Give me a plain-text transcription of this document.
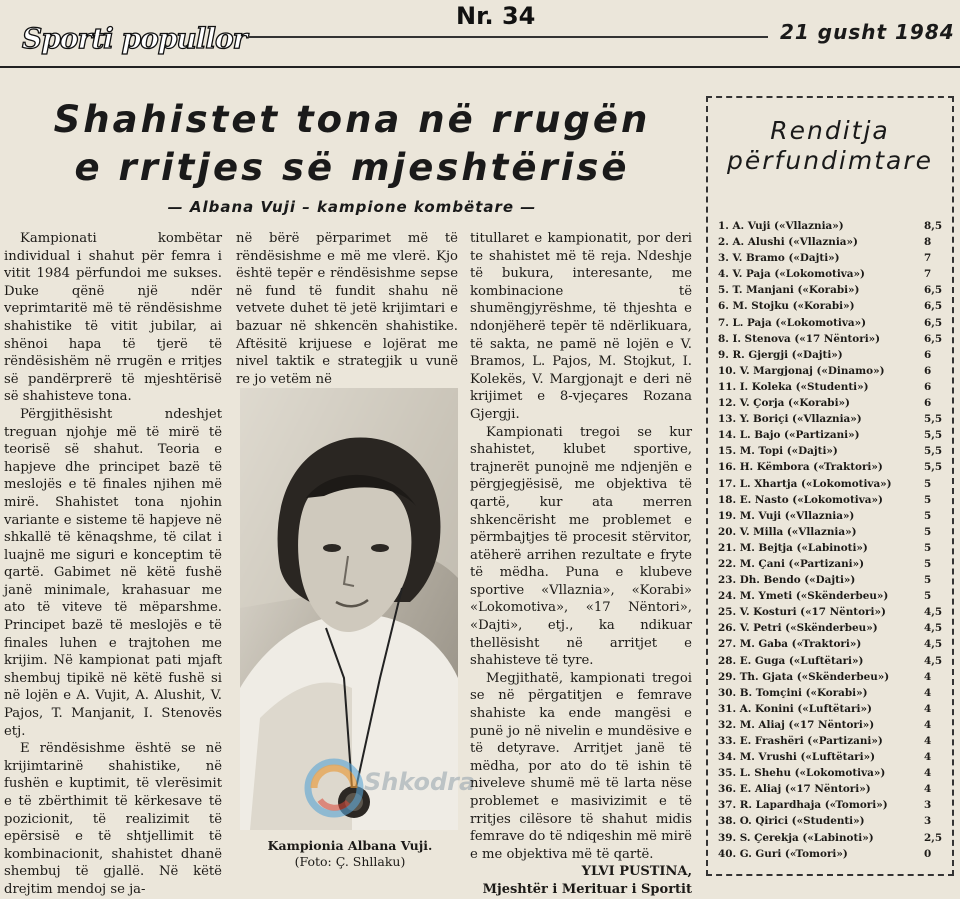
Sporti popullor
Nr. 34
21 gusht 1984
Shahistet tona në rrugën e rritjes së mjeshtërisë
— Albana Vuji – kampione kombëtare —

Kampionati kombëtar individual i shahut për femra i vitit 1984 përfundoi me sukses. Duke qënë një ndër veprimtaritë më të rëndësishme shahistike të vitit jubilar, ai shënoi hapa të tjerë të rëndësishëm në rrugën e rritjes së pandërprerë të mjeshtërisë së shahisteve tona.

Përgjithësisht ndeshjet treguan njohje më të mirë të teorisë së shahut. Teoria e hapjeve dhe principet bazë të meslojës e të finales njihen më mirë. Shahistet tona njohin variante e sisteme të hapjeve në shkallë të kënaqshme, të cilat i luajnë me siguri e konceptim të qartë. Gabimet në këtë fushë janë minimale, krahasuar me ato të viteve të mëparshme. Principet bazë të meslojës e të finales luhen e trajtohen me krijim. Në kampionat pati mjaft shembuj tipikë në këtë fushë si në lojën e A. Vujit, A. Alushit, V. Pajos, T. Manjanit, I. Stenovës etj.

E rëndësishme është se në krijimtarinë shahistike, në fushën e kuptimit, të vlerësimit e të zbërthimit të kërkesave të pozicionit, të realizimit të epërsisë e të shtjellimit të kombinacionit, shahistet dhanë shembuj të gjallë. Në këtë drejtim mendoj se ja-

në bërë përparimet më të rëndësishme e më me vlerë. Kjo është tepër e rëndësishme sepse në fund të fundit shahu në vetvete duhet të jetë krijimtari e bazuar në shkencën shahistike. Aftësitë krijuese e lojërat me nivel taktik e strategjik u vunë re jo vetëm në

Kampionia Albana Vuji.
(Foto: Ç. Shllaku)
Shkodra

titullaret e kampionatit, por deri te shahistet më të reja. Ndeshje të bukura, interesante, me kombinacione të shumëngjyrëshme, të thjeshta e ndonjëherë tepër të ndërlikuara, të sakta, ne pamë në lojën e V. Bramos, L. Pajos, M. Stojkut, I. Kolekës, V. Margjonajt e deri në krijimet e 8-vjeçares Rozana Gjergji.

Kampionati tregoi se kur shahistet, klubet sportive, trajnerët punojnë me ndjenjën e përgjegjësisë, me objektiva të qartë, kur ata merren shkencërisht me problemet e përmbajtjes të procesit stërvitor, atëherë arrihen rezultate e fryte të mëdha. Puna e klubeve sportive «Vllaznia», «Korabi» «Lokomotiva», «17 Nëntori», «Dajti», etj., ka ndikuar thellësisht në arritjet e shahisteve të tyre.

Megjithatë, kampionati tregoi se në përgatitjen e femrave shahiste ka ende mangësi e punë jo në nivelin e mundësive e të detyrave. Arritjet janë të mëdha, por ato do të ishin të niveleve shumë më të larta nëse problemet e masivizimit e të rritjes cilësore të shahut midis femrave do të ndiqeshin më mirë e me objektiva më të qartë.

YLVI PUSTINA,

Mjeshtër i Merituar i Sportit

Renditja
përfundimtare
1. A. Vuji («Vllaznia»)	8,5
2. A. Alushi («Vllaznia»)	8
3. V. Bramo («Dajti»)	7
4. V. Paja («Lokomotiva»)	7
5. T. Manjani («Korabi»)	6,5
6. M. Stojku («Korabi»)	6,5
7. L. Paja («Lokomotiva»)	6,5
8. I. Stenova («17 Nëntori»)	6,5
9. R. Gjergji («Dajti»)	6
10. V. Margjonaj («Dinamo»)	6
11. I. Koleka («Studenti»)	6
12. V. Çorja («Korabi»)	6
13. Y. Boriçi («Vllaznia»)	5,5
14. L. Bajo («Partizani»)	5,5
15. M. Topi («Dajti»)	5,5
16. H. Këmbora («Traktori»)	5,5
17. L. Xhartja («Lokomotiva»)	5
18. E. Nasto («Lokomotiva»)	5
19. M. Vuji («Vllaznia»)	5
20. V. Milla («Vllaznia»)	5
21. M. Bejtja («Labinoti»)	5
22. M. Çani («Partizani»)	5
23. Dh. Bendo («Dajti»)	5
24. M. Ymeti («Skënderbeu»)	5
25. V. Kosturi («17 Nëntori»)	4,5
26. V. Petri («Skënderbeu»)	4,5
27. M. Gaba («Traktori»)	4,5
28. E. Guga («Luftëtari»)	4,5
29. Th. Gjata («Skënderbeu»)	4
30. B. Tomçini («Korabi»)	4
31. A. Konini («Luftëtari»)	4
32. M. Aliaj («17 Nëntori»)	4
33. E. Frashëri («Partizani»)	4
34. M. Vrushi («Luftëtari»)	4
35. L. Shehu («Lokomotiva»)	4
36. E. Aliaj («17 Nëntori»)	4
37. R. Lapardhaja («Tomori»)	3
38. O. Qirici («Studenti»)	3
39. S. Çerekja («Labinoti»)	2,5
40. G. Guri («Tomori»)	0
